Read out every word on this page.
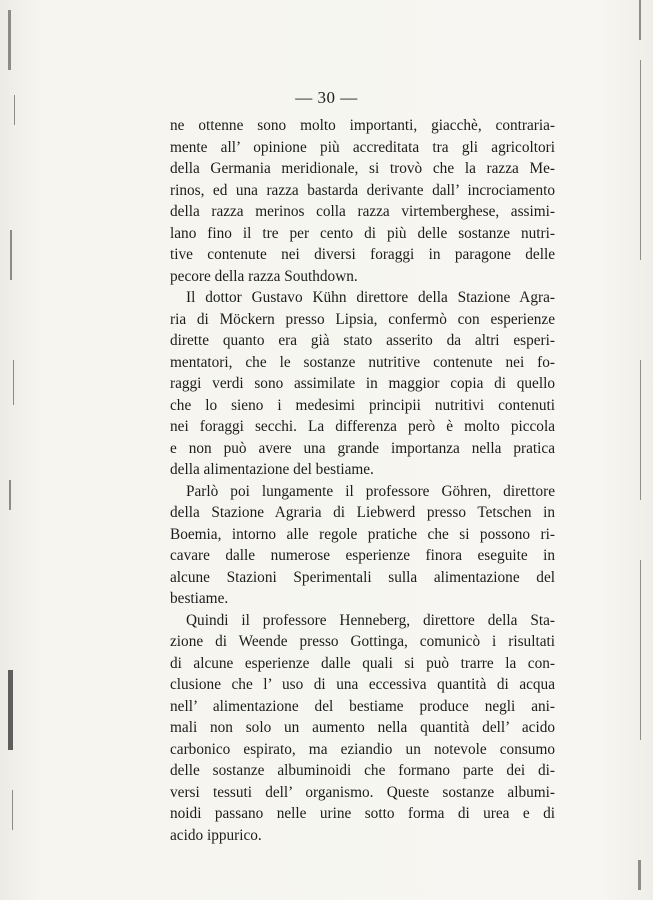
— 30 —

ne ottenne sono molto importanti, giacchè, contraria-
mente all’ opinione più accreditata tra gli agricoltori
della Germania meridionale, si trovò che la razza Me-
rinos, ed una razza bastarda derivante dall’ incrociamento
della razza merinos colla razza virtemberghese, assimi-
lano fino il tre per cento di più delle sostanze nutri-
tive contenute nei diversi foraggi in paragone delle
pecore della razza Southdown.

Il dottor Gustavo Kühn direttore della Stazione Agra-
ria di Möckern presso Lipsia, confermò con esperienze
dirette quanto era già stato asserito da altri esperi-
mentatori, che le sostanze nutritive contenute nei fo-
raggi verdi sono assimilate in maggior copia di quello
che lo sieno i medesimi principii nutritivi contenuti
nei foraggi secchi. La differenza però è molto piccola
e non può avere una grande importanza nella pratica
della alimentazione del bestiame.

Parlò poi lungamente il professore Göhren, direttore
della Stazione Agraria di Liebwerd presso Tetschen in
Boemia, intorno alle regole pratiche che si possono ri-
cavare dalle numerose esperienze finora eseguite in
alcune Stazioni Sperimentali sulla alimentazione del
bestiame.

Quindi il professore Henneberg, direttore della Sta-
zione di Weende presso Gottinga, comunicò i risultati
di alcune esperienze dalle quali si può trarre la con-
clusione che l’ uso di una eccessiva quantità di acqua
nell’ alimentazione del bestiame produce negli ani-
mali non solo un aumento nella quantità dell’ acido
carbonico espirato, ma eziandio un notevole consumo
delle sostanze albuminoidi che formano parte dei di-
versi tessuti dell’ organismo. Queste sostanze albumi-
noidi passano nelle urine sotto forma di urea e di
acido ippurico.
